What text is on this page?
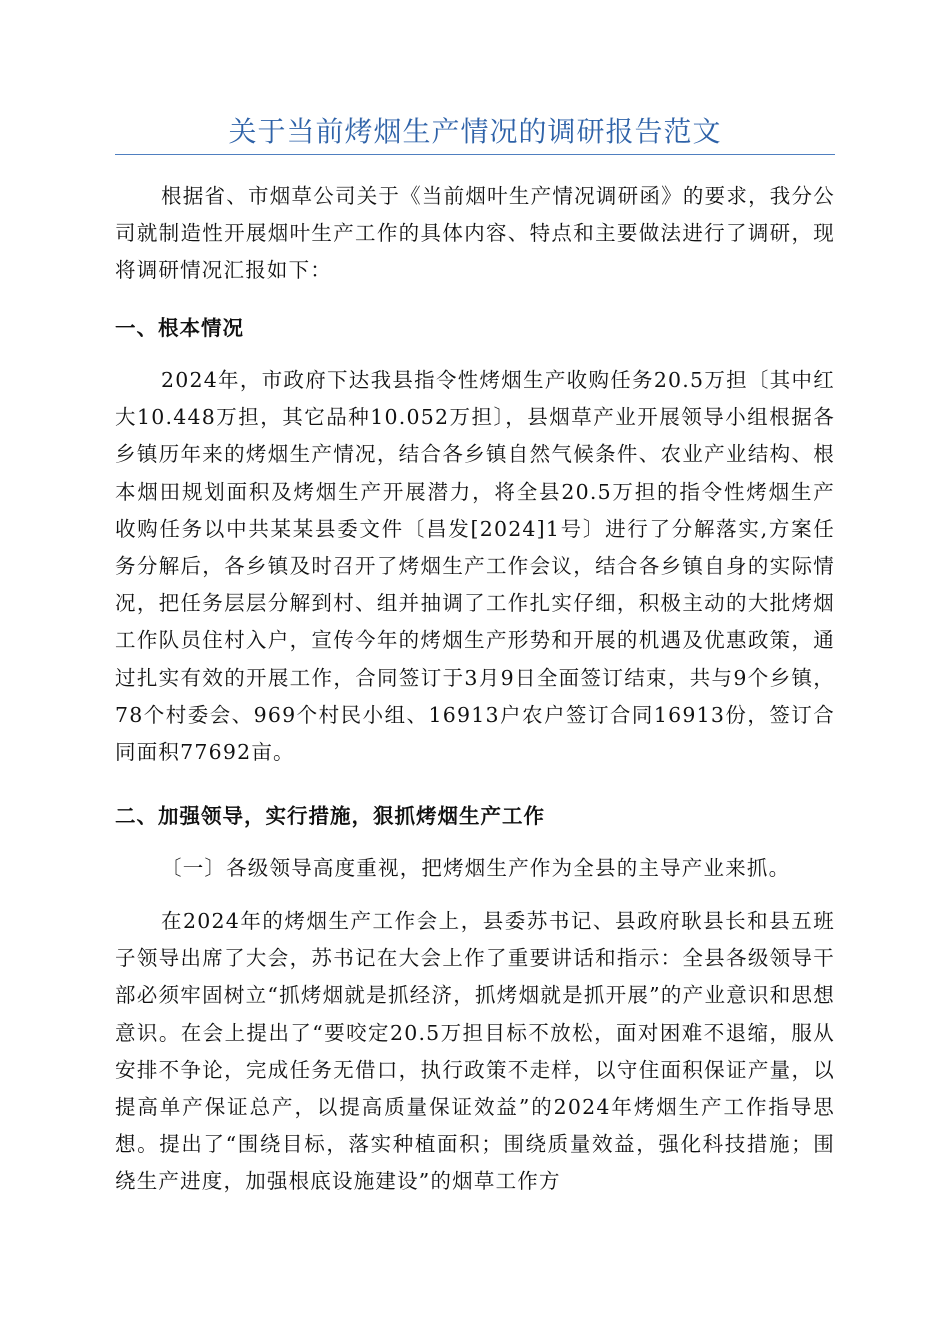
关于当前烤烟生产情况的调研报告范文

根据省、市烟草公司关于《当前烟叶生产情况调研函》的要求，我分公司就制造性开展烟叶生产工作的具体内容、特点和主要做法进行了调研，现将调研情况汇报如下：

一、根本情况

2024年，市政府下达我县指令性烤烟生产收购任务20.5万担〔其中红大10.448万担，其它品种10.052万担〕，县烟草产业开展领导小组根据各乡镇历年来的烤烟生产情况，结合各乡镇自然气候条件、农业产业结构、根本烟田规划面积及烤烟生产开展潜力，将全县20.5万担的指令性烤烟生产收购任务以中共某某县委文件〔昌发[2024]1号〕进行了分解落实,方案任务分解后，各乡镇及时召开了烤烟生产工作会议，结合各乡镇自身的实际情况，把任务层层分解到村、组并抽调了工作扎实仔细，积极主动的大批烤烟工作队员住村入户，宣传今年的烤烟生产形势和开展的机遇及优惠政策，通过扎实有效的开展工作，合同签订于3月9日全面签订结束，共与9个乡镇，78个村委会、969个村民小组、16913户农户签订合同16913份，签订合同面积77692亩。

二、加强领导，实行措施，狠抓烤烟生产工作

〔一〕各级领导高度重视，把烤烟生产作为全县的主导产业来抓。

在2024年的烤烟生产工作会上，县委苏书记、县政府耿县长和县五班子领导出席了大会，苏书记在大会上作了重要讲话和指示：全县各级领导干部必须牢固树立“抓烤烟就是抓经济，抓烤烟就是抓开展”的产业意识和思想意识。在会上提出了“要咬定20.5万担目标不放松，面对困难不退缩，服从安排不争论，完成任务无借口，执行政策不走样，以守住面积保证产量，以提高单产保证总产，以提高质量保证效益”的2024年烤烟生产工作指导思想。提出了“围绕目标，落实种植面积；围绕质量效益，强化科技措施；围绕生产进度，加强根底设施建设”的烟草工作方
